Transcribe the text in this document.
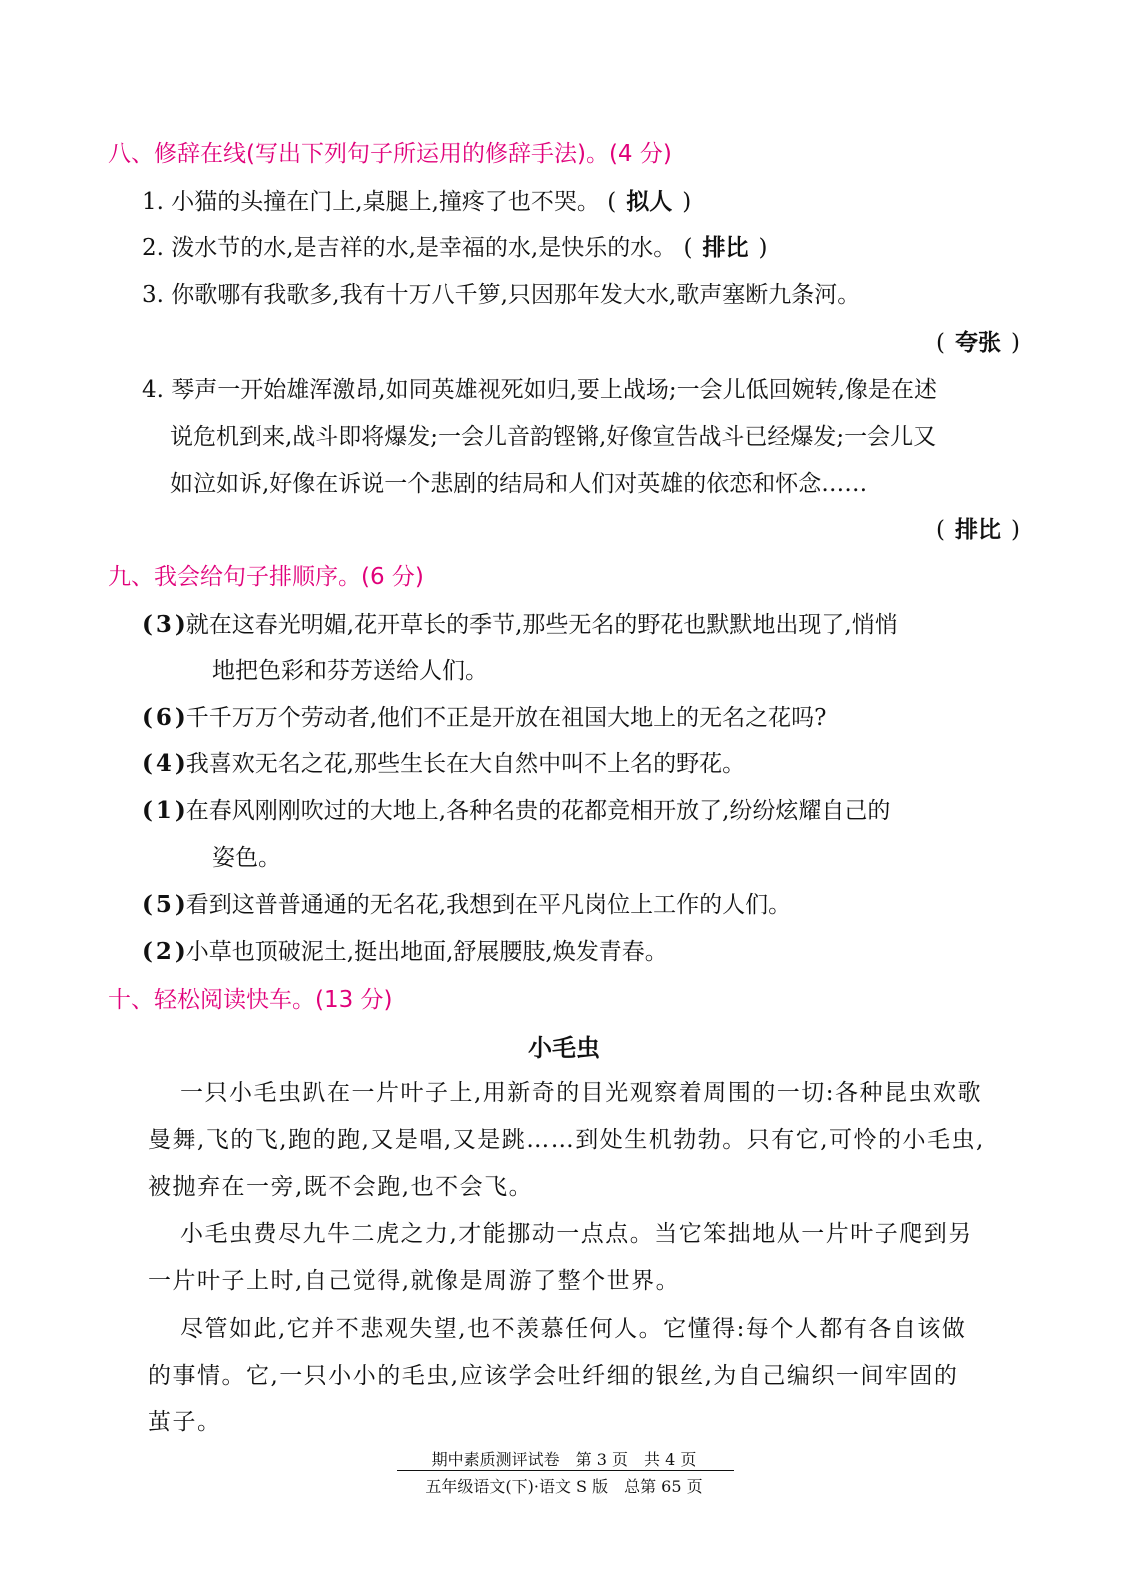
八、修辞在线(写出下列句子所运用的修辞手法)。(4 分)
1. 小猫的头撞在门上,桌腿上,撞疼了也不哭。 ( 拟人 )
2. 泼水节的水,是吉祥的水,是幸福的水,是快乐的水。 ( 排比 )
3. 你歌哪有我歌多,我有十万八千箩,只因那年发大水,歌声塞断九条河。
( 夸张 )
4. 琴声一开始雄浑激昂,如同英雄视死如归,要上战场;一会儿低回婉转,像是在述
说危机到来,战斗即将爆发;一会儿音韵铿锵,好像宣告战斗已经爆发;一会儿又
如泣如诉,好像在诉说一个悲剧的结局和人们对英雄的依恋和怀念……
( 排比 )
九、我会给句子排顺序。(6 分)
( 3 )就在这春光明媚,花开草长的季节,那些无名的野花也默默地出现了,悄悄
地把色彩和芬芳送给人们。
( 6 )千千万万个劳动者,他们不正是开放在祖国大地上的无名之花吗?
( 4 )我喜欢无名之花,那些生长在大自然中叫不上名的野花。
( 1 )在春风刚刚吹过的大地上,各种名贵的花都竞相开放了,纷纷炫耀自己的
姿色。
( 5 )看到这普普通通的无名花,我想到在平凡岗位上工作的人们。
( 2 )小草也顶破泥土,挺出地面,舒展腰肢,焕发青春。
十、轻松阅读快车。(13 分)
小毛虫
一只小毛虫趴在一片叶子上,用新奇的目光观察着周围的一切:各种昆虫欢歌
曼舞,飞的飞,跑的跑,又是唱,又是跳……到处生机勃勃。只有它,可怜的小毛虫,
被抛弃在一旁,既不会跑,也不会飞。
小毛虫费尽九牛二虎之力,才能挪动一点点。当它笨拙地从一片叶子爬到另
一片叶子上时,自己觉得,就像是周游了整个世界。
尽管如此,它并不悲观失望,也不羡慕任何人。它懂得:每个人都有各自该做
的事情。它,一只小小的毛虫,应该学会吐纤细的银丝,为自己编织一间牢固的
茧子。
期中素质测评试卷　第 3 页　共 4 页
五年级语文(下)·语文 S 版　总第 65 页
